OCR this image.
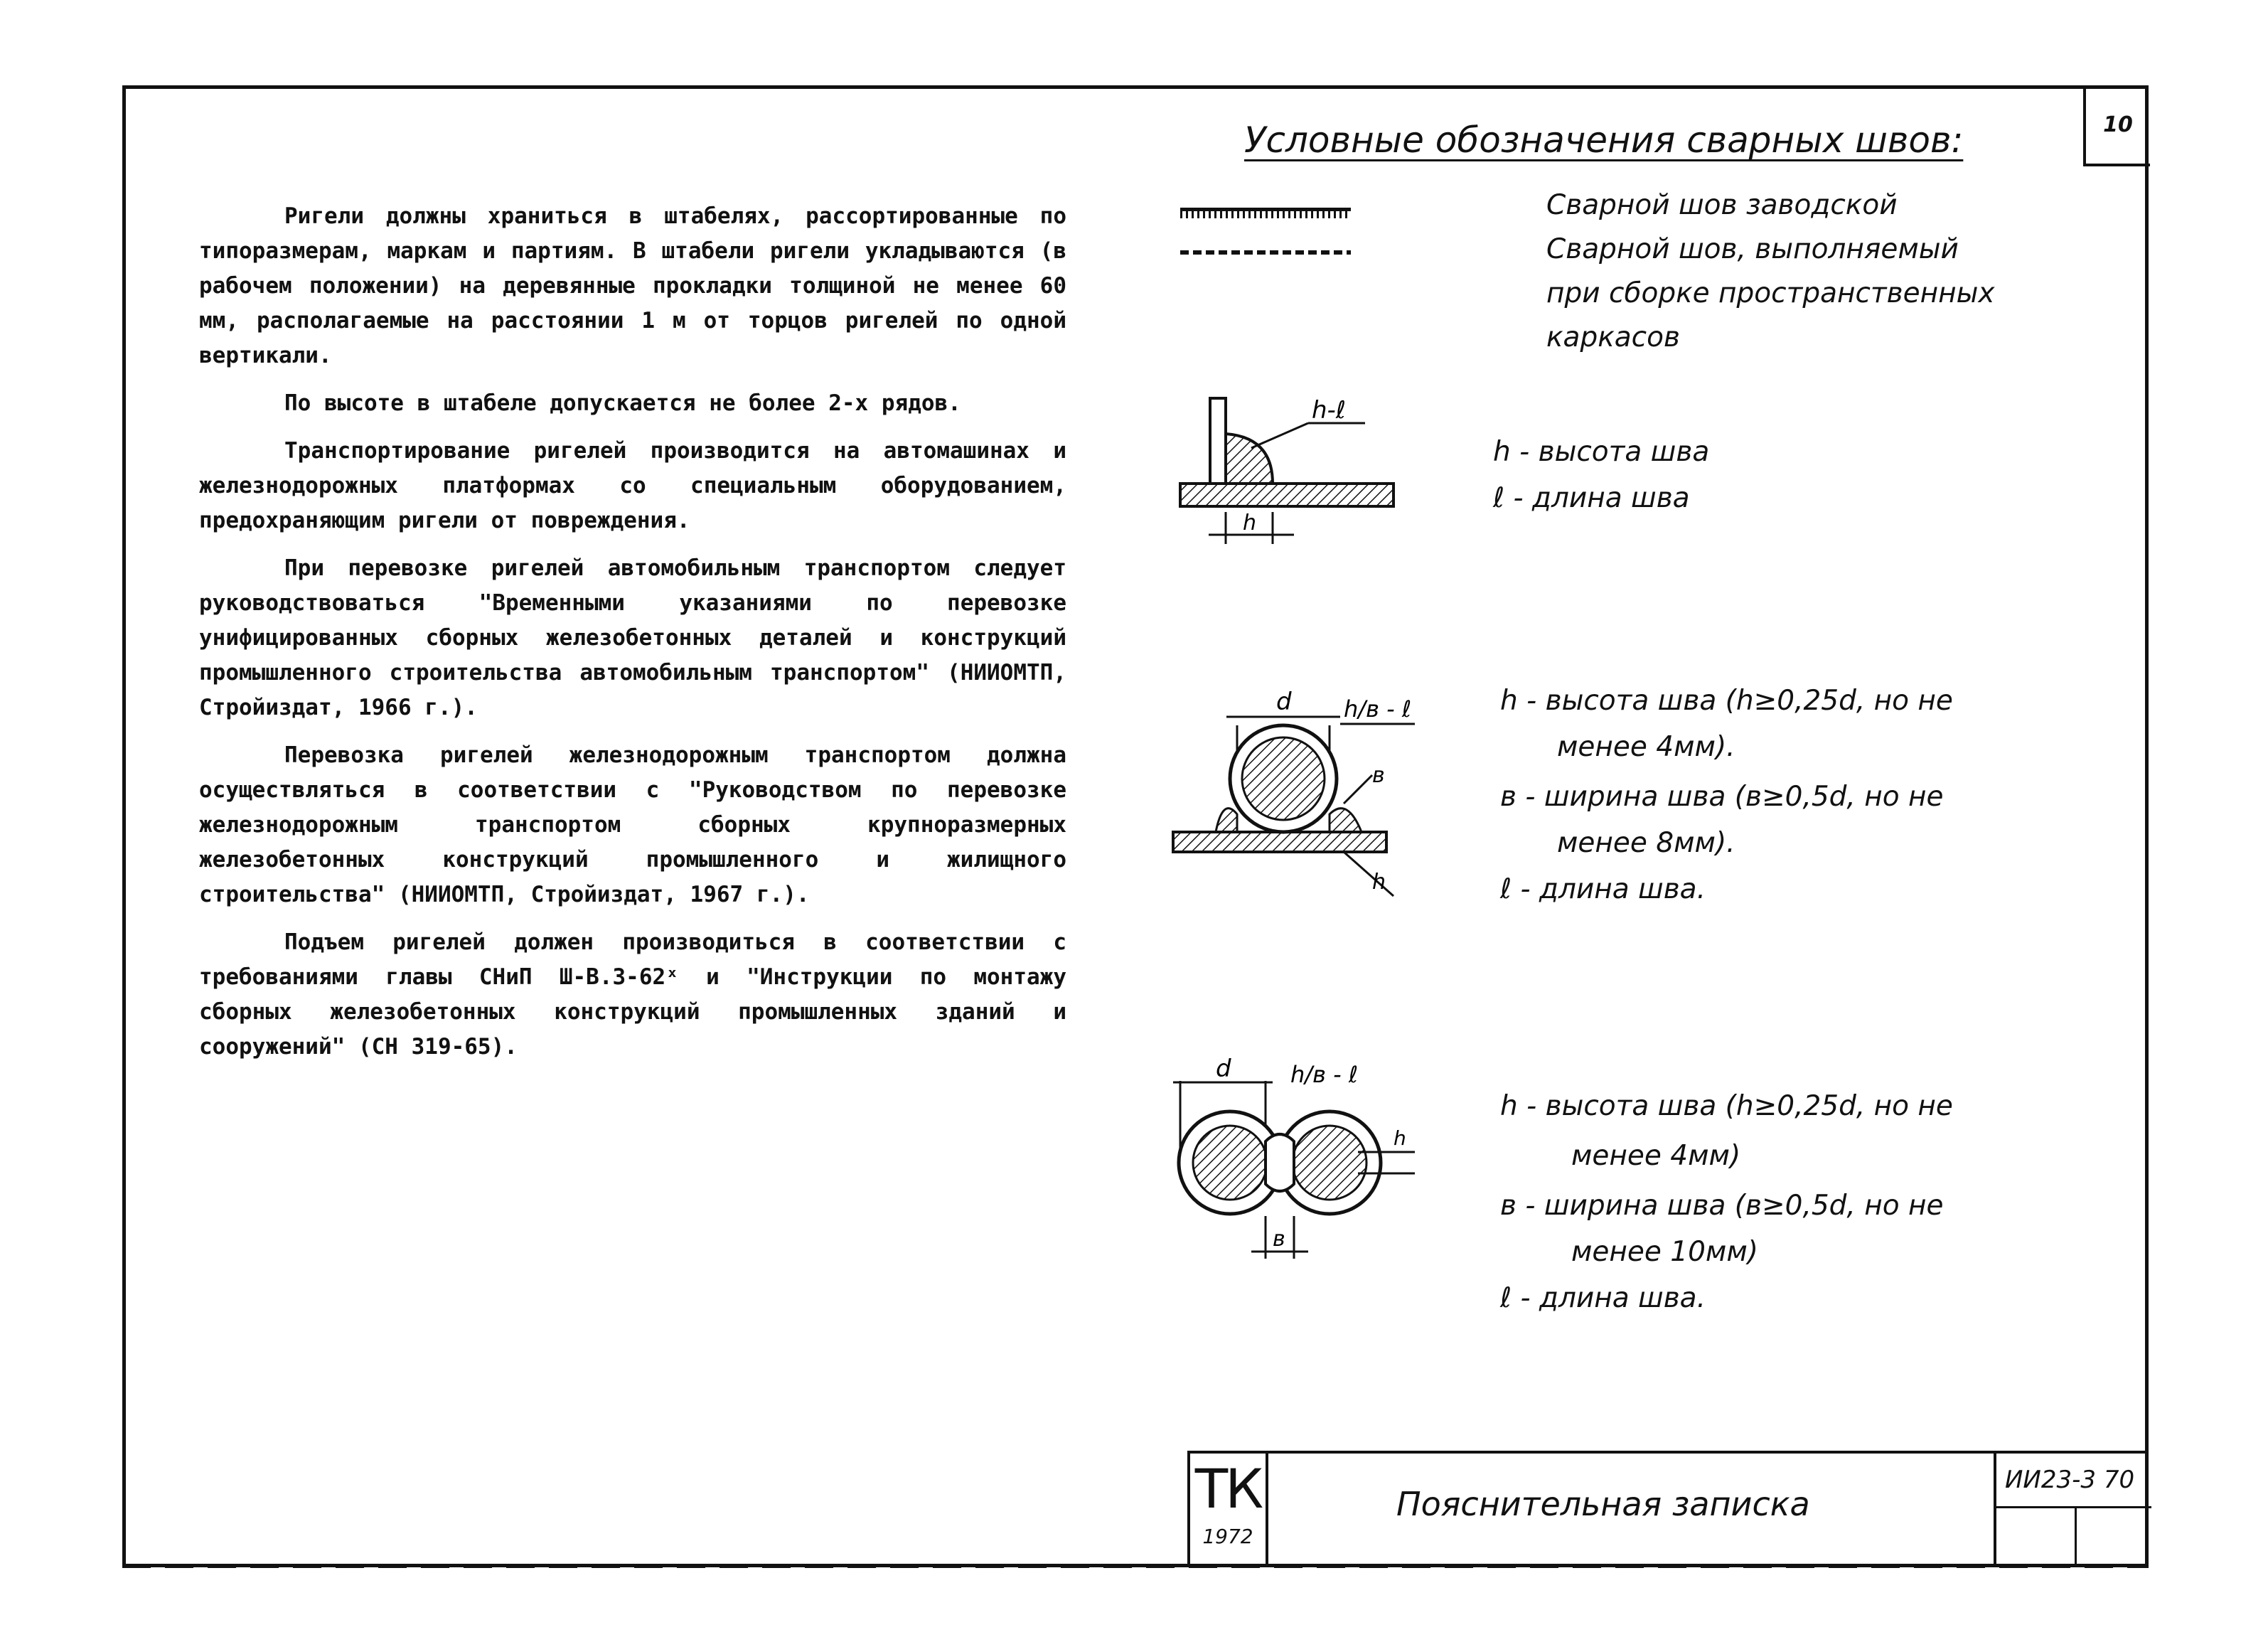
10
Условные обозначения сварных швов:

Ригели должны храниться в штабелях, рассортированные по типоразмерам, маркам и партиям. В штабели ригели укладываются (в рабочем положении) на деревянные прокладки толщиной не менее 60 мм, располагаемые на расстоянии 1 м от торцов ригелей по одной вертикали.

По высоте в штабеле допускается не более 2-х рядов.

Транспортирование ригелей производится на автомашинах и железнодорожных платформах со специальным оборудованием, предохраняющим ригели от повреждения.

При перевозке ригелей автомобильным транспортом следует руководствоваться "Временными указаниями по перевозке унифицированных сборных железобетонных деталей и конструкций промышленного строительства автомобильным транспортом" (НИИОМТП, Стройиздат, 1966 г.).

Перевозка ригелей железнодорожным транспортом должна осуществляться в соответствии с "Руководством по перевозке железнодорожным транспортом сборных крупноразмерных железобетонных конструкций промышленного и жилищного строительства" (НИИОМТП, Стройиздат, 1967 г.).

Подъем ригелей должен производиться в соответствии с требованиями главы СНиП Ш-В.3-62ˣ и "Инструкции по монтажу сборных железобетонных конструкций промышленных зданий и сооружений" (СН 319-65).

Сварной шов заводской
Сварной шов, выполняемый
при сборке пространственных
каркасов
h-ℓ
h
h - высота шва
ℓ - длина шва
d h/в - ℓ
в
h
h - высота шва (h≥0,25d, но не
менее 4мм).
в - ширина шва (в≥0,5d, но не
менее 8мм).
ℓ - длина шва.
d	h/в - ℓ
в
h
h - высота шва (h≥0,25d, но не
менее 4мм)
в - ширина шва (в≥0,5d, но не
менее 10мм)
ℓ - длина шва.
ТК
1972
Пояснительная записка
ИИ23-3 70
